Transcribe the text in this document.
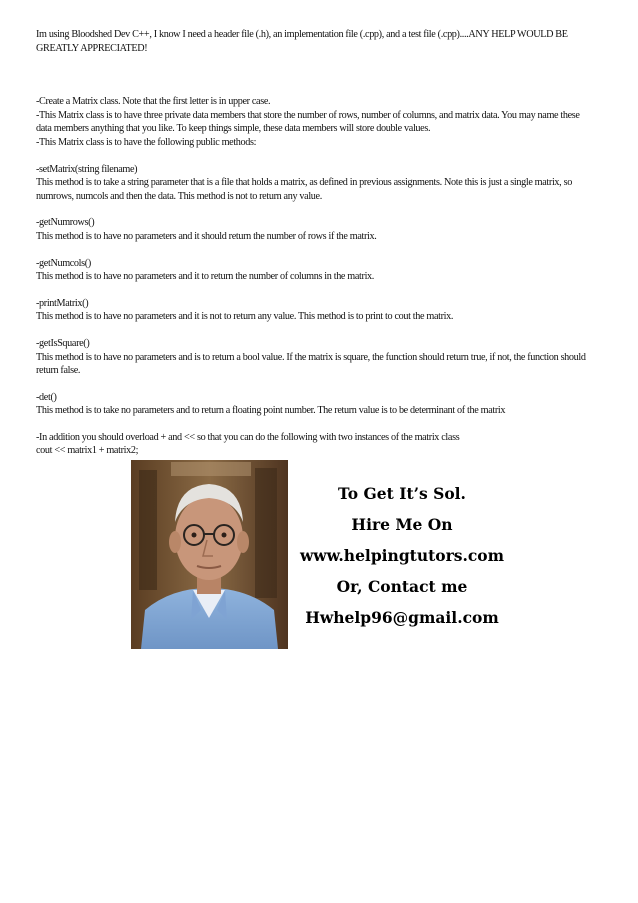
Im using Bloodshed Dev C++, I know I need a header file (.h), an implementation file (.cpp), and a test file (.cpp)....ANY HELP WOULD BE

GREATLY APPRECIATED!

-Create a Matrix class. Note that the first letter is in upper case.

-This Matrix class is to have three private data members that store the number of rows, number of columns, and matrix data. You may name these

data members anything that you like. To keep things simple, these data members will store double values.

-This Matrix class is to have the following public methods:

-setMatrix(string filename)

This method is to take a string parameter that is a file that holds a matrix, as defined in previous assignments. Note this is just a single matrix, so

numrows, numcols and then the data. This method is not to return any value.

-getNumrows()

This method is to have no parameters and it should return the number of rows if the matrix.

-getNumcols()

This method is to have no parameters and it to return the number of columns in the matrix.

-printMatrix()

This method is to have no parameters and it is not to return any value. This method is to print to cout the matrix.

-getIsSquare()

This method is to have no parameters and is to return a bool value. If the matrix is square, the function should return true, if not, the function should

return false.

-det()

This method is to take no parameters and to return a floating point number. The return value is to be determinant of the matrix

-In addition you should overload + and << so that you can do the following with two instances of the matrix class

cout << matrix1 + matrix2;

To Get It’s Sol.
Hire Me On
www.helpingtutors.com
Or, Contact me
Hwhelp96@gmail.com
